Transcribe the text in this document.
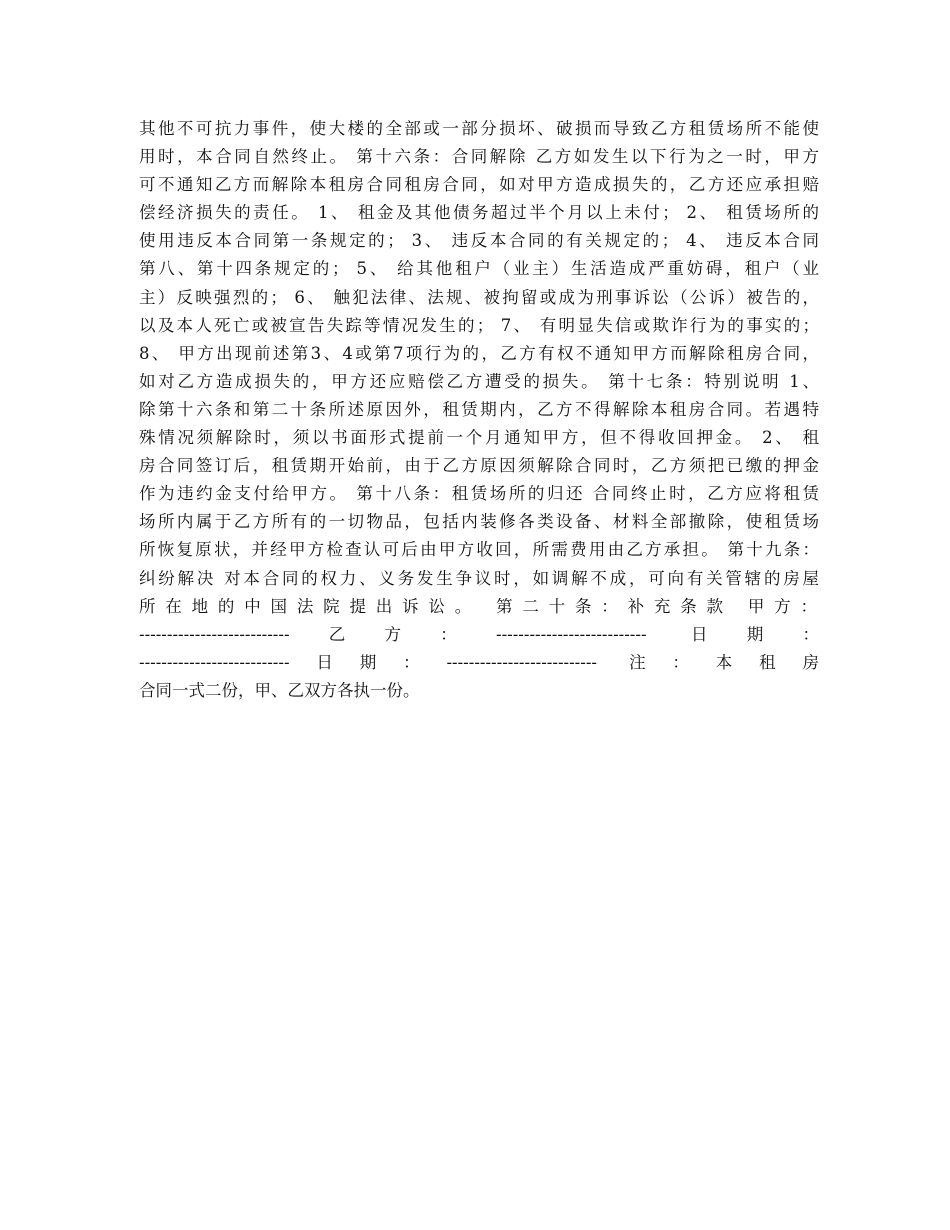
其他不可抗力事件，使大楼的全部或一部分损坏、破损而导致乙方租赁场所不能使
用时，本合同自然终止。 第十六条：合同解除 乙方如发生以下行为之一时，甲方
可不通知乙方而解除本租房合同租房合同，如对甲方造成损失的，乙方还应承担赔
偿经济损失的责任。 1、 租金及其他债务超过半个月以上未付； 2、 租赁场所的
使用违反本合同第一条规定的； 3、 违反本合同的有关规定的； 4、 违反本合同
第八、第十四条规定的； 5、 给其他租户（业主）生活造成严重妨碍，租户（业
主）反映强烈的； 6、 触犯法律、法规、被拘留或成为刑事诉讼（公诉）被告的，
以及本人死亡或被宣告失踪等情况发生的； 7、 有明显失信或欺诈行为的事实的；
8、 甲方出现前述第3、4或第7项行为的，乙方有权不通知甲方而解除租房合同，
如对乙方造成损失的，甲方还应赔偿乙方遭受的损失。 第十七条：特别说明 1、
除第十六条和第二十条所述原因外，租赁期内，乙方不得解除本租房合同。若遇特
殊情况须解除时，须以书面形式提前一个月通知甲方，但不得收回押金。 2、 租
房合同签订后，租赁期开始前，由于乙方原因须解除合同时，乙方须把已缴的押金
作为违约金支付给甲方。 第十八条：租赁场所的归还 合同终止时，乙方应将租赁
场所内属于乙方所有的一切物品，包括内装修各类设备、材料全部撤除，使租赁场
所恢复原状，并经甲方检查认可后由甲方收回，所需费用由乙方承担。 第十九条：
纠纷解决 对本合同的权力、义务发生争议时，如调解不成，可向有关管辖的房屋
所在地的中国法院提出诉讼。 第二十条：补充条款 甲方：
---------------------------乙方：--------------------------- 日期：
---------------------------日期：--------------------------- 注：本租房
合同一式二份，甲、乙双方各执一份。
